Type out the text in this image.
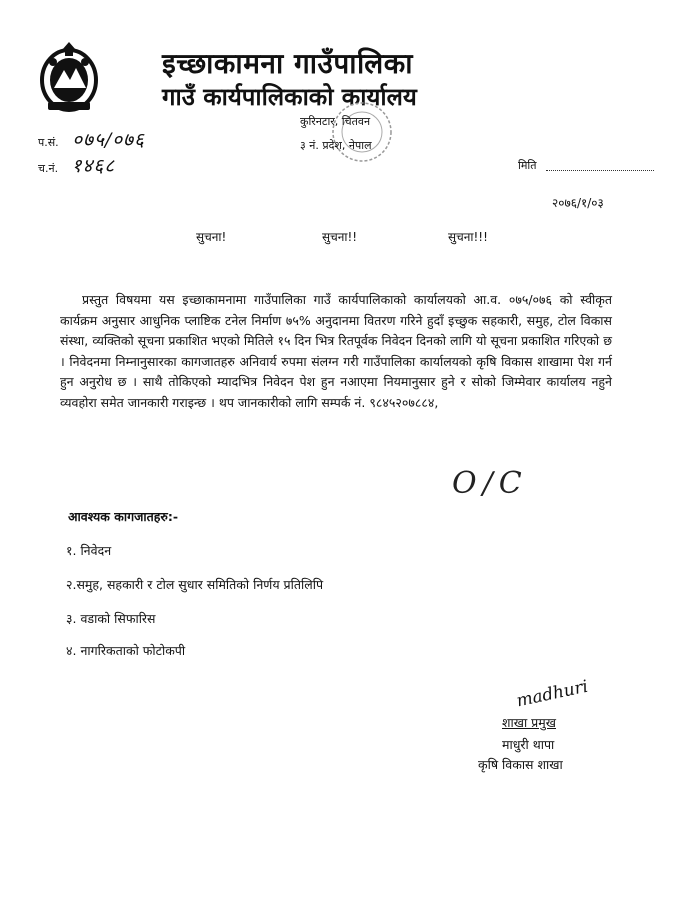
इच्छाकामना गाउँपालिका
गाउँ कार्यपालिकाको कार्यालय
कुरिनटार, चितवन
३ नं. प्रदेश, नेपाल
प.सं. ०७५/०७६
च.नं. १४६८	मिति
२०७६/१/०३
सुचना!	सुचना!!	सुचना!!!

प्रस्तुत विषयमा यस इच्छाकामनामा गाउँपालिका गाउँ कार्यपालिकाको कार्यालयको आ.व. ०७५/०७६ को स्वीकृत कार्यक्रम अनुसार आधुनिक प्लाष्टिक टनेल निर्माण ७५% अनुदानमा वितरण गरिने हुदाँ इच्छुक सहकारी, समुह, टोल विकास संस्था, व्यक्तिको सूचना प्रकाशित भएको मितिले १५ दिन भित्र रितपूर्वक निवेदन दिनको लागि यो सूचना प्रकाशित गरिएको छ । निवेदनमा निम्नानुसारका कागजातहरु अनिवार्य रुपमा संलग्न गरी गाउँपालिका कार्यालयको कृषि विकास शाखामा पेश गर्न हुन अनुरोध छ । साथै तोकिएको म्यादभित्र निवेदन पेश हुन नआएमा नियमानुसार हुने र सोको जिम्मेवार कार्यालय नहुने व्यवहोरा समेत जानकारी गराइन्छ । थप जानकारीको लागि सम्पर्क नं. ९८४५२०७८८४,

O/C
आवश्यक कागजातहरु:-
१. निवेदन
२.समुह, सहकारी र टोल सुधार समितिको निर्णय प्रतिलिपि
३. वडाको सिफारिस
४. नागरिकताको फोटोकपी
madhuri
शाखा प्रमुख
माधुरी थापा
कृषि विकास शाखा
